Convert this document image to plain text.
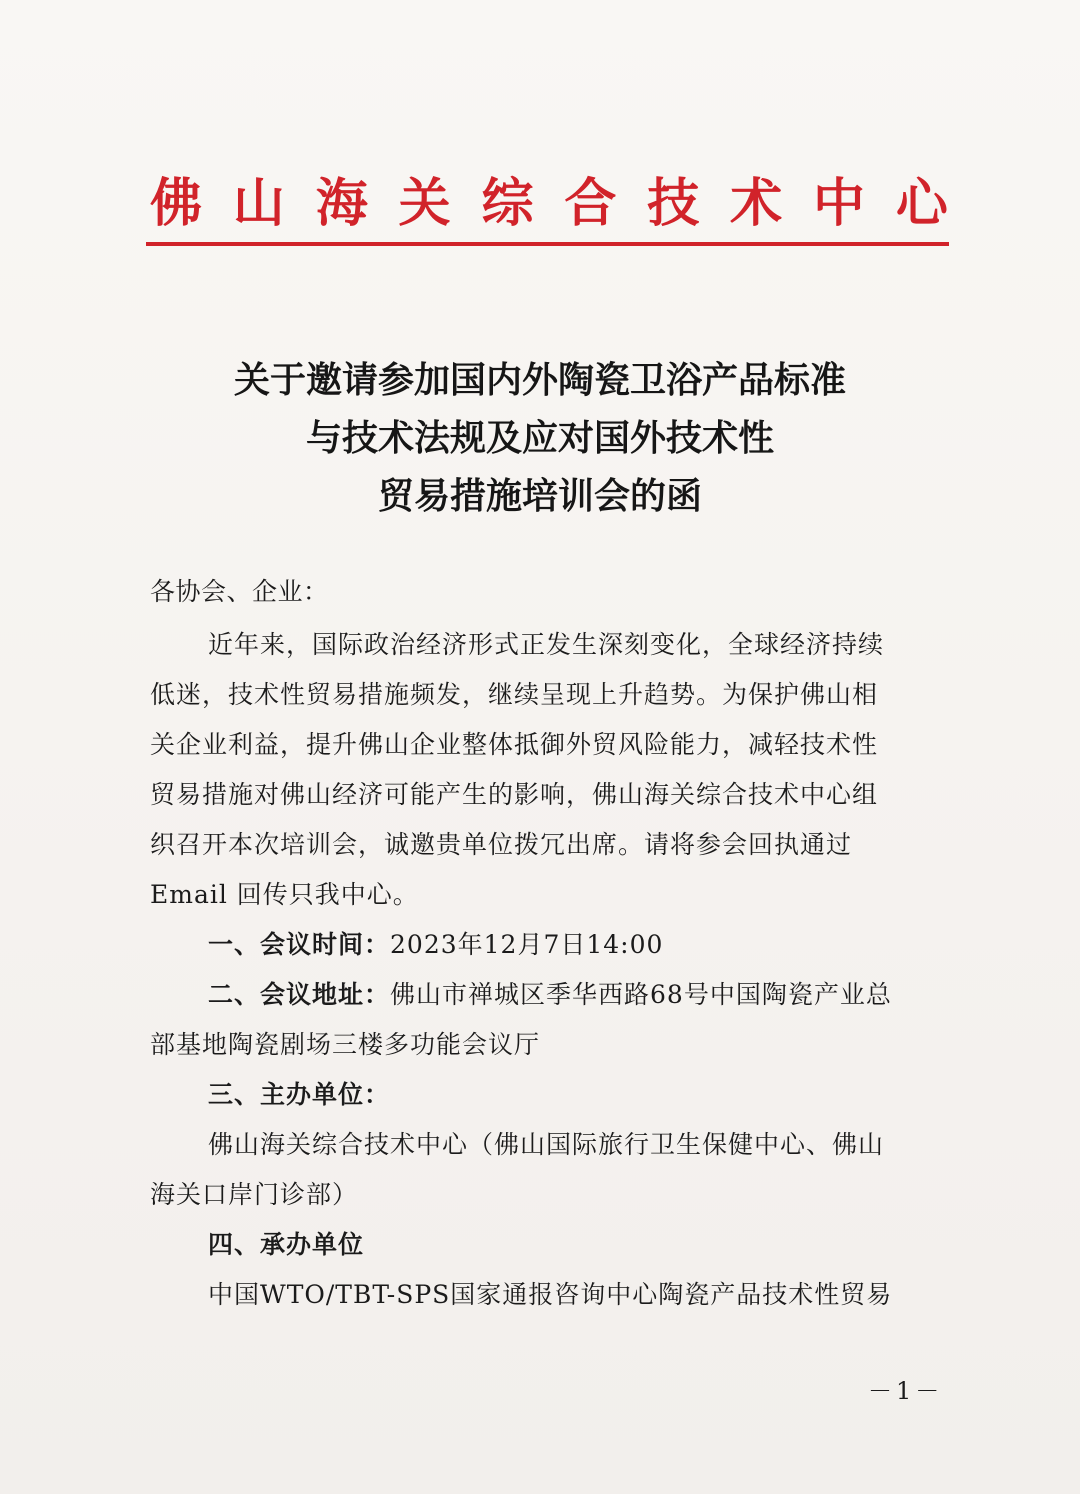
佛 山 海 关 综 合 技 术 中 心
关于邀请参加国内外陶瓷卫浴产品标准
与技术法规及应对国外技术性
贸易措施培训会的函
各协会、企业：
近年来，国际政治经济形式正发生深刻变化，全球经济持续
低迷，技术性贸易措施频发，继续呈现上升趋势。为保护佛山相
关企业利益，提升佛山企业整体抵御外贸风险能力，减轻技术性
贸易措施对佛山经济可能产生的影响，佛山海关综合技术中心组
织召开本次培训会，诚邀贵单位拨冗出席。请将参会回执通过
Email 回传只我中心。
一、会议时间：2023年12月7日14:00
二、会议地址：佛山市禅城区季华西路68号中国陶瓷产业总
部基地陶瓷剧场三楼多功能会议厅
三、主办单位：
佛山海关综合技术中心（佛山国际旅行卫生保健中心、佛山
海关口岸门诊部）
四、承办单位
中国WTO/TBT-SPS国家通报咨询中心陶瓷产品技术性贸易
－1－
